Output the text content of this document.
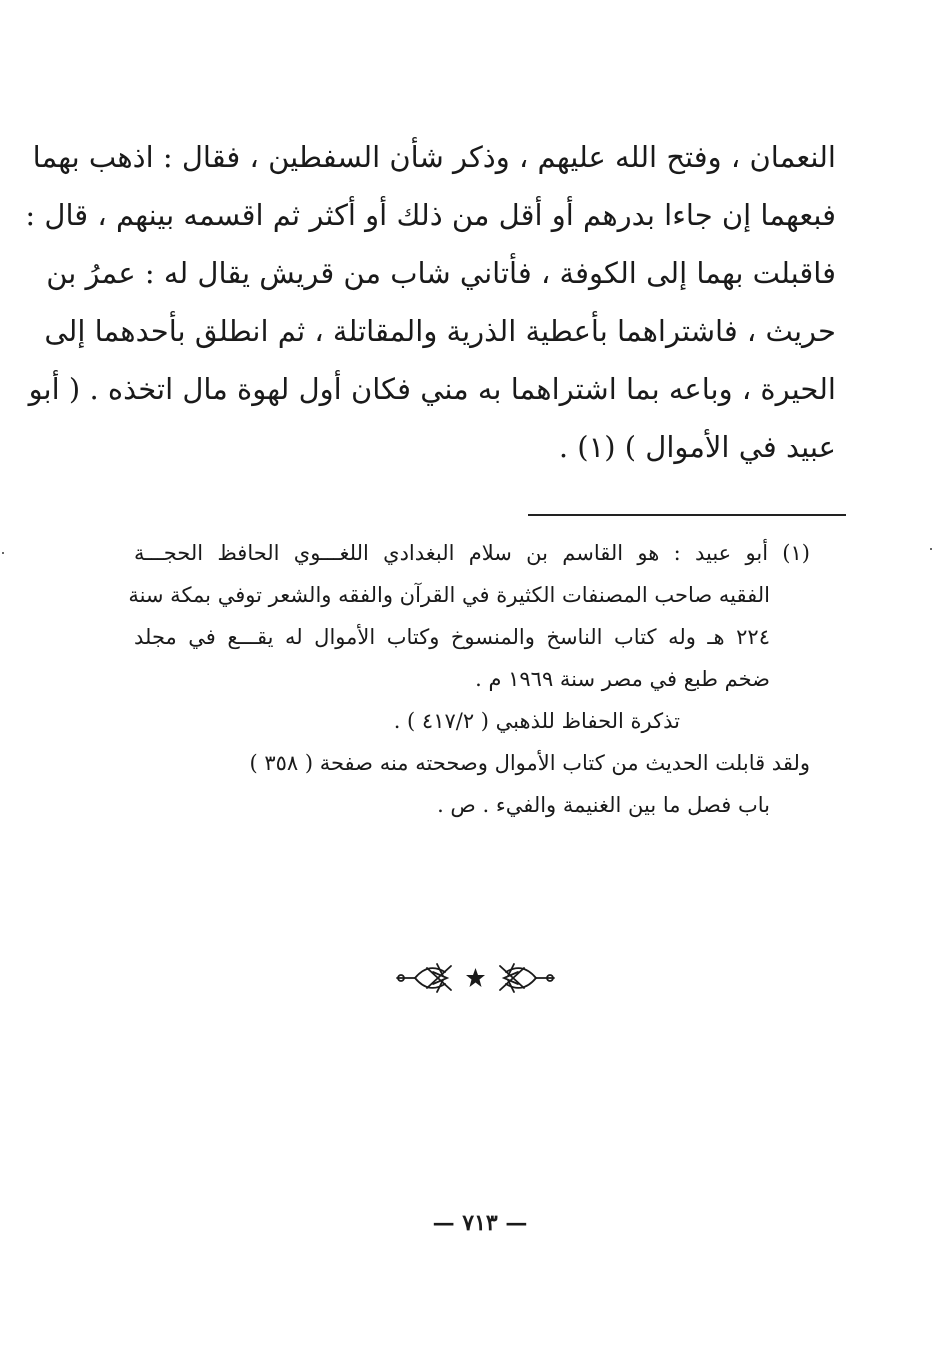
النعمان ، وفتح الله عليهم ، وذكر شأن السفطين ، فقال : اذهب بهما
فبعهما إن جاءا بدرهم أو أقل من ذلك أو أكثر ثم اقسمه بينهم ، قال :
فاقبلت بهما إلى الكوفة ، فأتاني شاب من قريش يقال له : عمرُ بن
حريث ، فاشتراهما بأعطية الذرية والمقاتلة ، ثم انطلق بأحدهما إلى
الحيرة ، وباعه بما اشتراهما به مني فكان أول لهوة مال اتخذه . ( أبو
عبيد في الأموال ) (١) .
(١) أبو عبيد : هو القاسم بن سلام البغدادي اللغـــوي الحافظ الحجـــة
الفقيه صاحب المصنفات الكثيرة في القرآن والفقه والشعر توفي بمكة سنة
٢٢٤ هـ وله كتاب الناسخ والمنسوخ وكتاب الأموال له يقـــع في مجلد
ضخم طبع في مصر سنة ١٩٦٩ م .
تذكرة الحفاظ للذهبي ( ٤١٧/٢ ) .
ولقد قابلت الحديث من كتاب الأموال وصححته منه صفحة ( ٣٥٨ )
باب فصل ما بين الغنيمة والفيء . ص .
— ٧١٣ —
